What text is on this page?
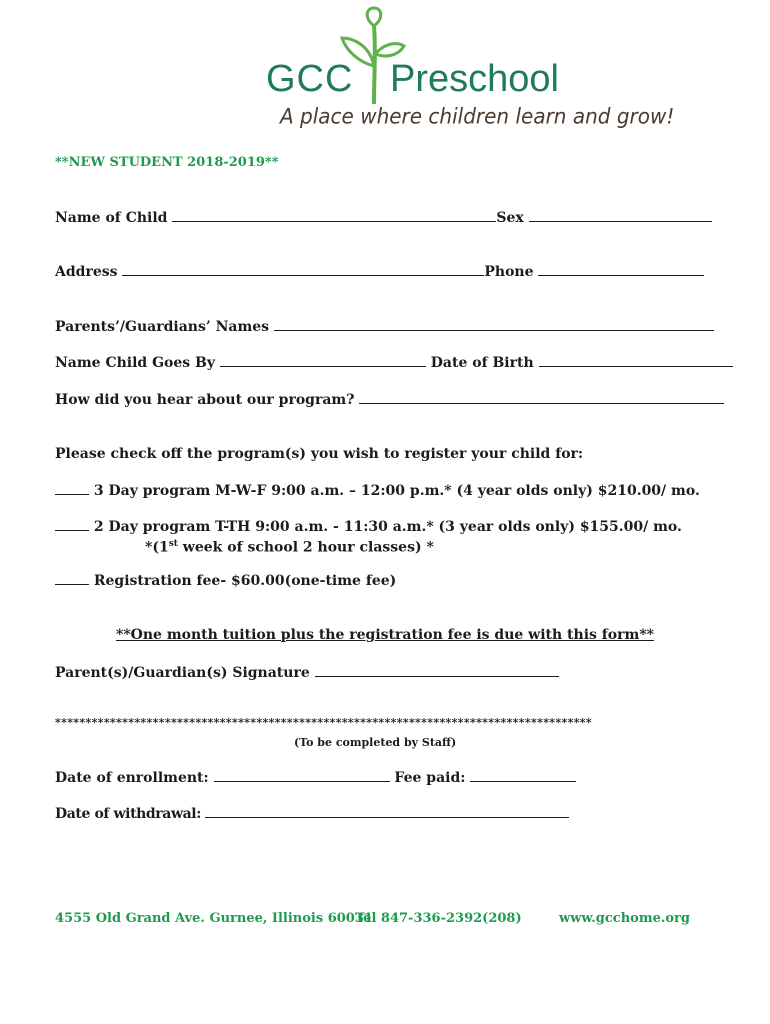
GCC Preschool
A place where children learn and grow!
**NEW STUDENT 2018-2019**
Name of Child	Sex
Address	Phone
Parents’/Guardians’ Names
Name Child Goes By	Date of Birth
How did you hear about our program?
Please check off the program(s) you wish to register your child for:
3 Day program M-W-F 9:00 a.m. – 12:00 p.m.* (4 year olds only) $210.00/ mo.
2 Day program T-TH 9:00 a.m. - 11:30 a.m.* (3 year olds only) $155.00/ mo.
*(1st week of school 2 hour classes) *
Registration fee- $60.00(one-time fee)
**One month tuition plus the registration fee is due with this form**
Parent(s)/Guardian(s) Signature
****************************************************************************************
(To be completed by Staff)
Date of enrollment:	Fee paid:
Date of withdrawal:
4555 Old Grand Ave. Gurnee, Illinois 60031
Tel 847-336-2392(208)	www.gcchome.org
